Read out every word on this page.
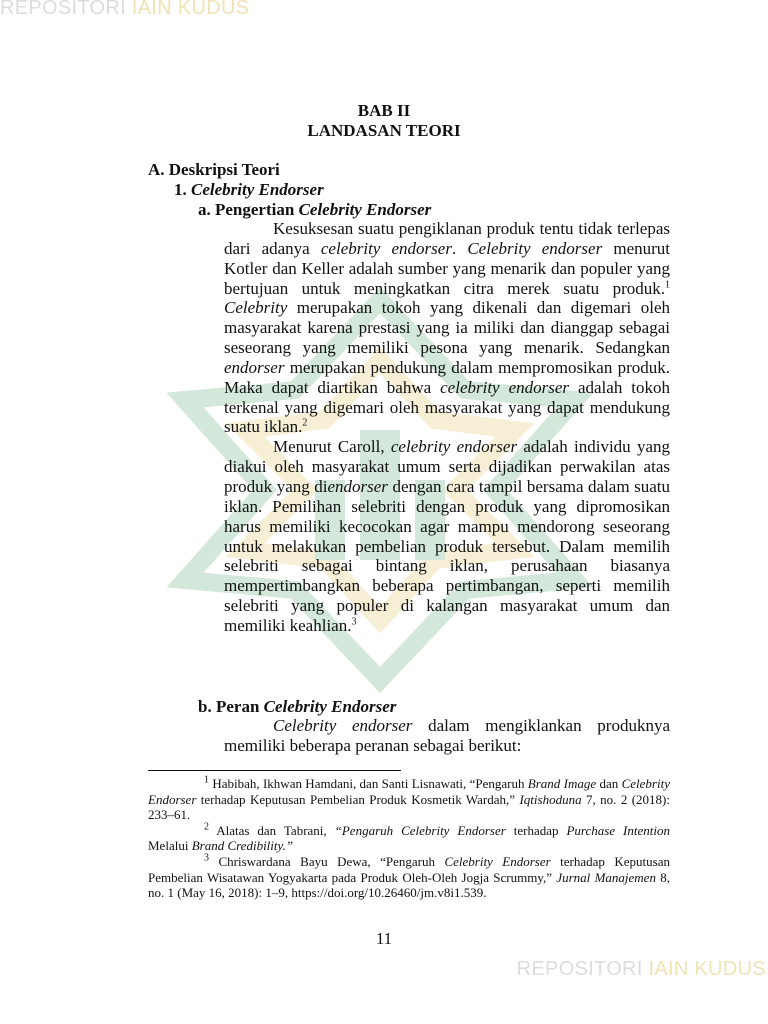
REPOSITORI IAIN KUDUS
BAB II
LANDASAN TEORI
A. Deskripsi Teori
1. Celebrity Endorser
a. Pengertian Celebrity Endorser

Kesuksesan suatu pengiklanan produk tentu tidak terlepas dari adanya celebrity endorser. Celebrity endorser menurut Kotler dan Keller adalah sumber yang menarik dan populer yang bertujuan untuk meningkatkan citra merek suatu produk.$^1$ Celebrity merupakan tokoh yang dikenali dan digemari oleh masyarakat karena prestasi yang ia miliki dan dianggap sebagai seseorang yang memiliki pesona yang menarik. Sedangkan endorser merupakan pendukung dalam mempromosikan produk. Maka dapat diartikan bahwa celebrity endorser adalah tokoh terkenal yang digemari oleh masyarakat yang dapat mendukung suatu iklan.$^2$

Menurut Caroll, celebrity endorser adalah individu yang diakui oleh masyarakat umum serta dijadikan perwakilan atas produk yang diendorser dengan cara tampil bersama dalam suatu iklan. Pemilihan selebriti dengan produk yang dipromosikan harus memiliki kecocokan agar mampu mendorong seseorang untuk melakukan pembelian produk tersebut. Dalam memilih selebriti sebagai bintang iklan, perusahaan biasanya mempertimbangkan beberapa pertimbangan, seperti memilih selebriti yang populer di kalangan masyarakat umum dan memiliki keahlian.$^3$

b. Peran Celebrity Endorser

Celebrity endorser dalam mengiklankan produknya memiliki beberapa peranan sebagai berikut:

$^1$ Habibah, Ikhwan Hamdani, dan Santi Lisnawati, “Pengaruh Brand Image dan Celebrity Endorser terhadap Keputusan Pembelian Produk Kosmetik Wardah,” Iqtishoduna 7, no. 2 (2018): 233–61.

$^2$ Alatas dan Tabrani, “Pengaruh Celebrity Endorser terhadap Purchase Intention Melalui Brand Credibility.”

$^3$ Chriswardana Bayu Dewa, “Pengaruh Celebrity Endorser terhadap Keputusan Pembelian Wisatawan Yogyakarta pada Produk Oleh-Oleh Jogja Scrummy,” Jurnal Manajemen 8, no. 1 (May 16, 2018): 1–9, https://doi.org/10.26460/jm.v8i1.539.

11
REPOSITORI IAIN KUDUS
